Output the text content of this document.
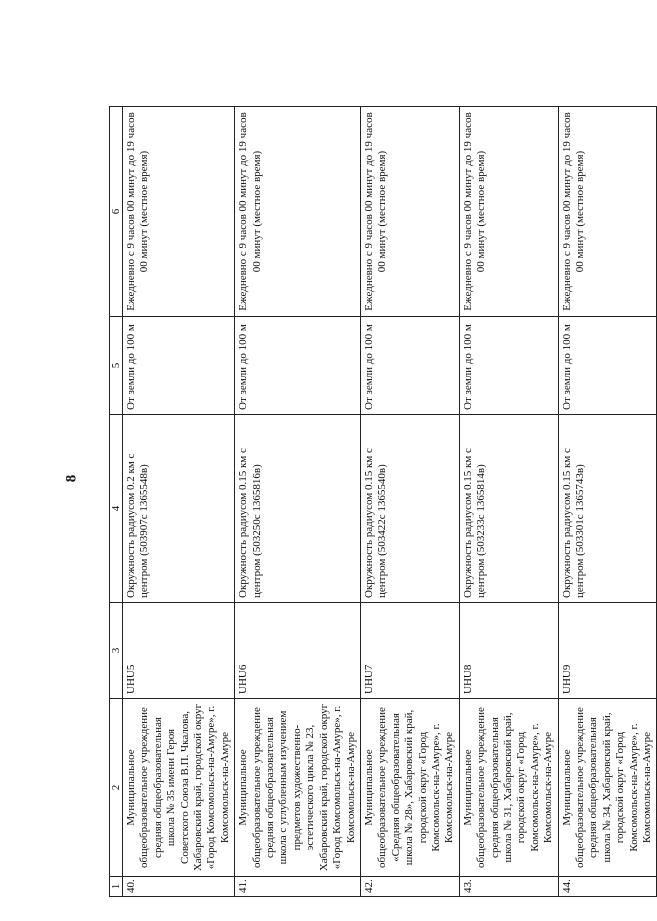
8
1	2	3	4	5	6
40.	Муниципальное общеобразовательное учреждение средняя общеобразовательная школа № 35 имени Героя Советского Союза В.П. Чкалова, Хабаровский край, городской округ «Город Комсомольск-на-Амуре», г. Комсомольск-на-Амуре	UHU5	Окружность радиусом 0.2 км с центром (503907с 1365548в)	От земли до 100 м	Ежедневно с 9 часов 00 минут до 19 часов 00 минут (местное время)
41.	Муниципальное общеобразовательное учреждение средняя общеобразовательная школа с углубленным изучением предметов художественно-эстетического цикла № 23, Хабаровский край, городской округ «Город Комсомольск-на-Амуре», г. Комсомольск-на-Амуре	UHU6	Окружность радиусом 0.15 км с центром (503250с 1365816в)	От земли до 100 м	Ежедневно с 9 часов 00 минут до 19 часов 00 минут (местное время)
42.	Муниципальное общеобразовательное учреждение «Средняя общеобразовательная школа № 28», Хабаровский край, городской округ «Город Комсомольск-на-Амуре», г. Комсомольск-на-Амуре	UHU7	Окружность радиусом 0.15 км с центром (503422с 1365540в)	От земли до 100 м	Ежедневно с 9 часов 00 минут до 19 часов 00 минут (местное время)
43.	Муниципальное общеобразовательное учреждение средняя общеобразовательная школа № 31, Хабаровский край, городской округ «Город Комсомольск-на-Амуре», г. Комсомольск-на-Амуре	UHU8	Окружность радиусом 0.15 км с центром (503233с 1365814в)	От земли до 100 м	Ежедневно с 9 часов 00 минут до 19 часов 00 минут (местное время)
44.	Муниципальное общеобразовательное учреждение средняя общеобразовательная школа № 34, Хабаровский край, городской округ «Город Комсомольск-на-Амуре», г. Комсомольск-на-Амуре	UHU9	Окружность радиусом 0.15 км с центром (503301с 1365743в)	От земли до 100 м	Ежедневно с 9 часов 00 минут до 19 часов 00 минут (местное время)
